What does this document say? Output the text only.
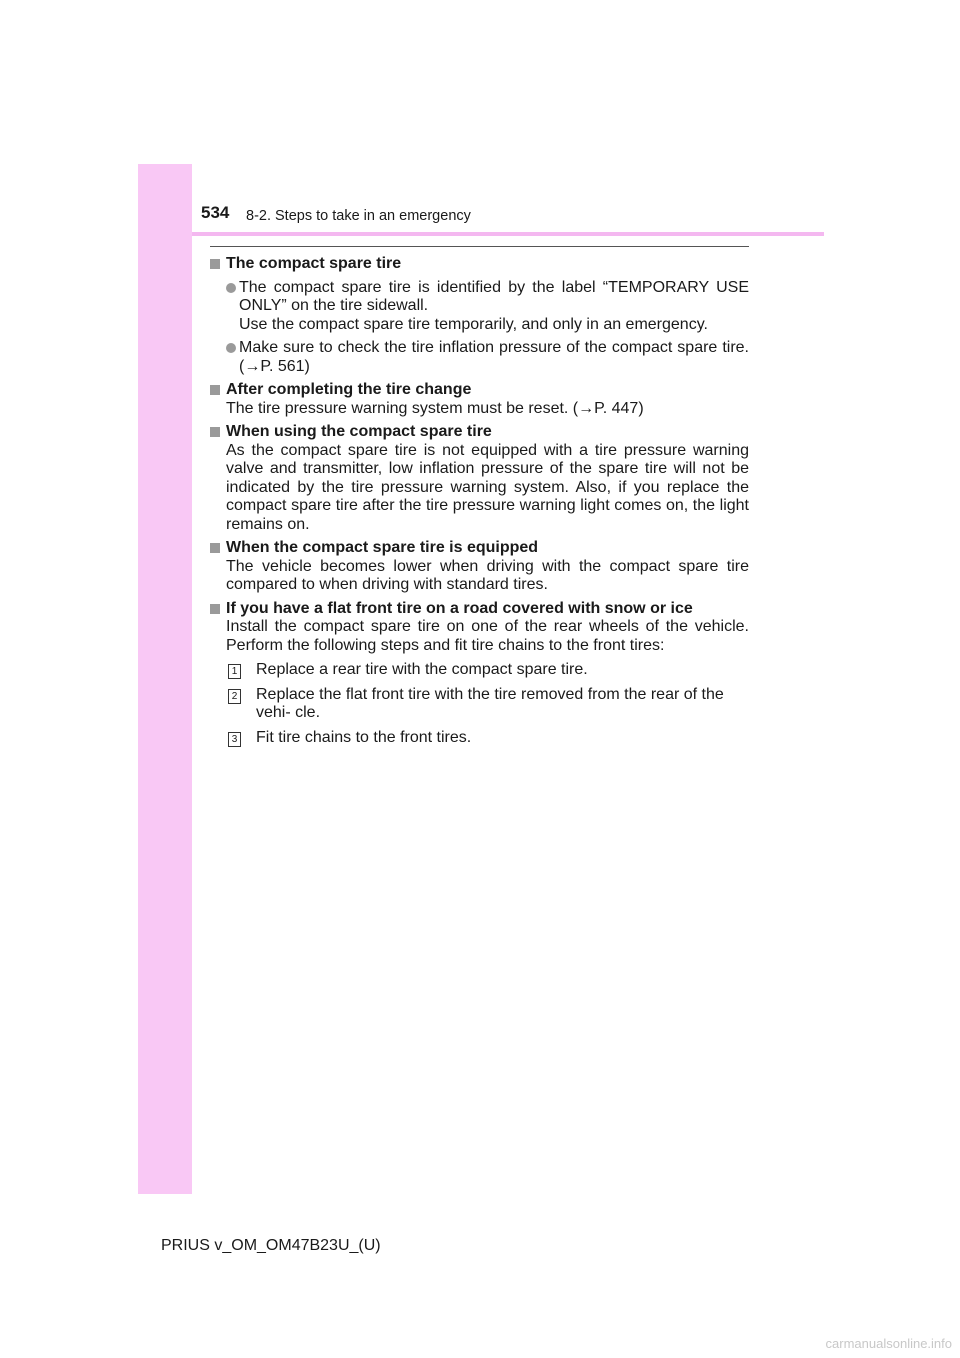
534 8-2. Steps to take in an emergency
The compact spare tire
The compact spare tire is identified by the label “TEMPORARY USE ONLY” on the tire sidewall.
Use the compact spare tire temporarily, and only in an emergency.
Make sure to check the tire inflation pressure of the compact spare tire. (→P. 561)
After completing the tire change
The tire pressure warning system must be reset. (→P. 447)
When using the compact spare tire
As the compact spare tire is not equipped with a tire pressure warning valve and transmitter, low inflation pressure of the spare tire will not be indicated by the tire pressure warning system. Also, if you replace the compact spare tire after the tire pressure warning light comes on, the light remains on.
When the compact spare tire is equipped
The vehicle becomes lower when driving with the compact spare tire compared to when driving with standard tires.
If you have a flat front tire on a road covered with snow or ice
Install the compact spare tire on one of the rear wheels of the vehicle. Perform the following steps and fit tire chains to the front tires:
1 Replace a rear tire with the compact spare tire.
2 Replace the flat front tire with the tire removed from the rear of the vehi- cle.
3 Fit tire chains to the front tires.
PRIUS v_OM_OM47B23U_(U)
carmanualsonline.info
